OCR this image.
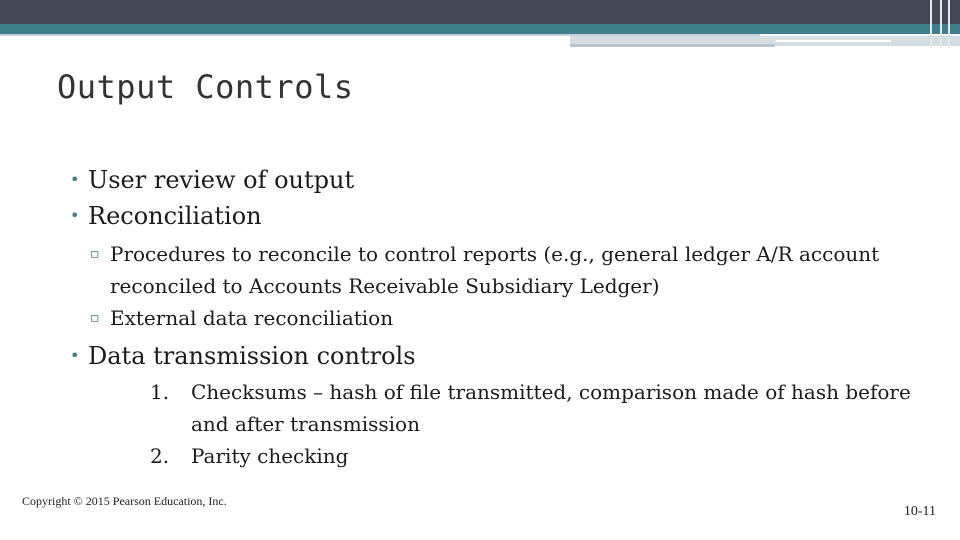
Output Controls
• User review of output
• Reconciliation
▫ Procedures to reconcile to control reports (e.g., general ledger A/R account reconciled to Accounts Receivable Subsidiary Ledger)
▫ External data reconciliation
• Data transmission controls
1. Checksums – hash of file transmitted, comparison made of hash before and after transmission
2. Parity checking
Copyright © 2015 Pearson Education, Inc.
10-11
